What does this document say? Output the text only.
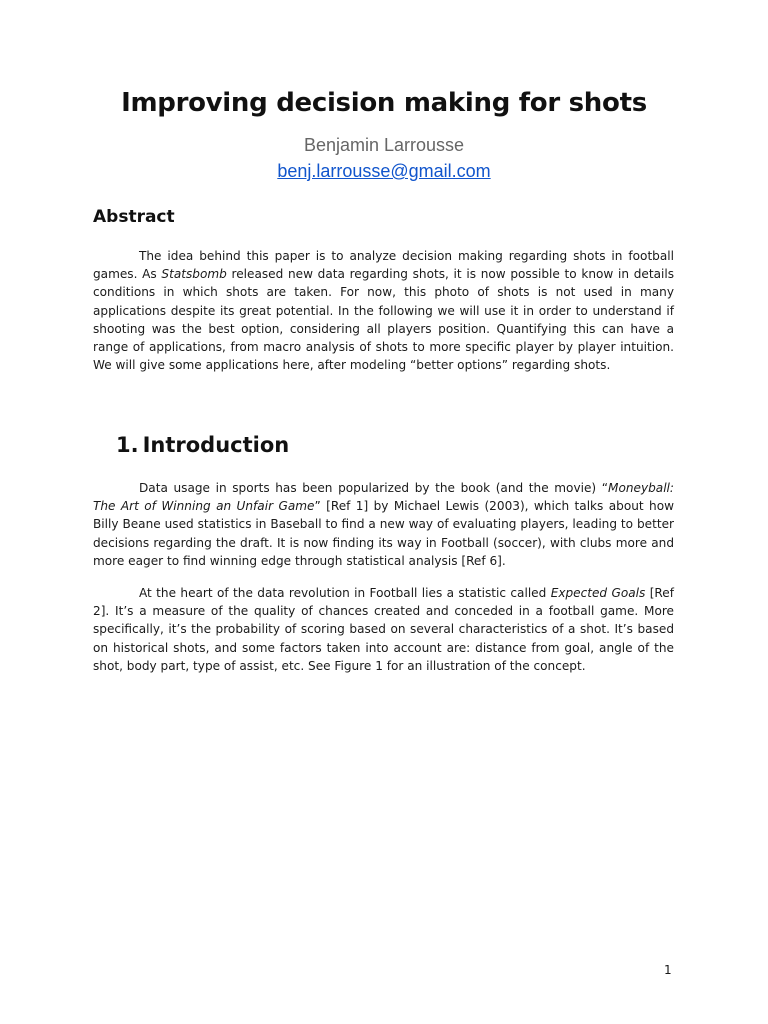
Improving decision making for shots
Benjamin Larrousse
benj.larrousse@gmail.com
Abstract

The idea behind this paper is to analyze decision making regarding shots in football games. As Statsbomb released new data regarding shots, it is now possible to know in details conditions in which shots are taken. For now, this photo of shots is not used in many applications despite its great potential. In the following we will use it in order to understand if shooting was the best option, considering all players position. Quantifying this can have a range of applications, from macro analysis of shots to more specific player by player intuition. We will give some applications here, after modeling “better options” regarding shots.

1. Introduction

Data usage in sports has been popularized by the book (and the movie) “Moneyball: The Art of Winning an Unfair Game” [Ref 1] by Michael Lewis (2003), which talks about how Billy Beane used statistics in Baseball to find a new way of evaluating players, leading to better decisions regarding the draft. It is now finding its way in Football (soccer), with clubs more and more eager to find winning edge through statistical analysis [Ref 6].

At the heart of the data revolution in Football lies a statistic called Expected Goals [Ref 2]. It’s a measure of the quality of chances created and conceded in a football game. More specifically, it’s the probability of scoring based on several characteristics of a shot. It’s based on historical shots, and some factors taken into account are: distance from goal, angle of the shot, body part, type of assist, etc. See Figure 1 for an illustration of the concept.

1
